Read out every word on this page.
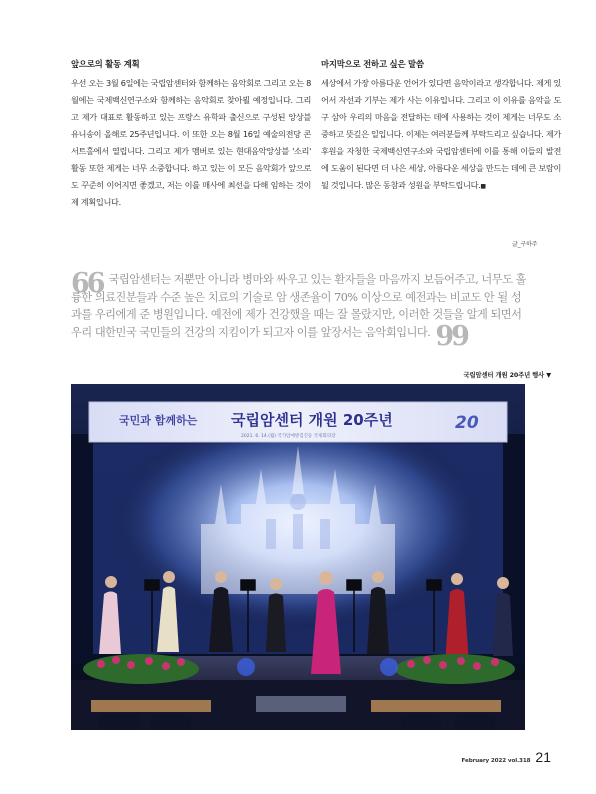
앞으로의 활동 계획

우선 오는 3월 6일에는 국립암센터와 함께하는 음악회로 그리고 오는 8월에는 국제백신연구소와 함께하는 음악회로 찾아뵐 예정입니다. 그리고 제가 대표로 활동하고 있는 프랑스 유학파 출신으로 구성된 앙상블 유니송이 올해로 25주년입니다. 이 또한 오는 8월 16일 예술의전당 콘서트홀에서 열립니다. 그리고 제가 멤버로 있는 현대음악앙상블 '소리' 활동 또한 제게는 너무 소중합니다. 하고 있는 이 모든 음악회가 앞으로도 꾸준히 이어지면 좋겠고, 저는 이를 매사에 최선을 다해 임하는 것이 제 계획입니다.

마지막으로 전하고 싶은 말씀

세상에서 가장 아름다운 언어가 있다면 음악이라고 생각합니다. 제게 있어서 자선과 기부는 제가 사는 이유입니다. 그리고 이 이유를 음악을 도구 삼아 우리의 마음을 전달하는 데에 사용하는 것이 제게는 너무도 소중하고 뜻깊은 일입니다. 이제는 여러분들께 부탁드리고 싶습니다. 제가 후원을 자청한 국제백신연구소와 국립암센터에 이를 통해 이들의 발전에 도움이 된다면 더 나은 세상, 아름다운 세상을 만드는 데에 큰 보람이 될 것입니다. 많은 동참과 성원을 부탁드립니다.■

글_구하주
66 국립암센터는 저뿐만 아니라 병마와 싸우고 있는 환자들을 마음까지 보듬어주고, 너무도 훌륭한 의료진분들과 수준 높은 치료의 기술로 암 생존율이 70% 이상으로 예전과는 비교도 안 될 성과를 우리에게 준 병원입니다. 예전에 제가 건강했을 때는 잘 몰랐지만, 이러한 것들을 알게 되면서 우리 대한민국 국민들의 건강의 지킴이가 되고자 이를 앞장서는 음악회입니다. 99
국립암센터 개원 20주년 행사 ▼
국민과 함께하는 국립암센터 개원 20주년
2021. 6. 14.(월) 국가암예방검진동 국제회의장
20
February 2022 vol.318 21
